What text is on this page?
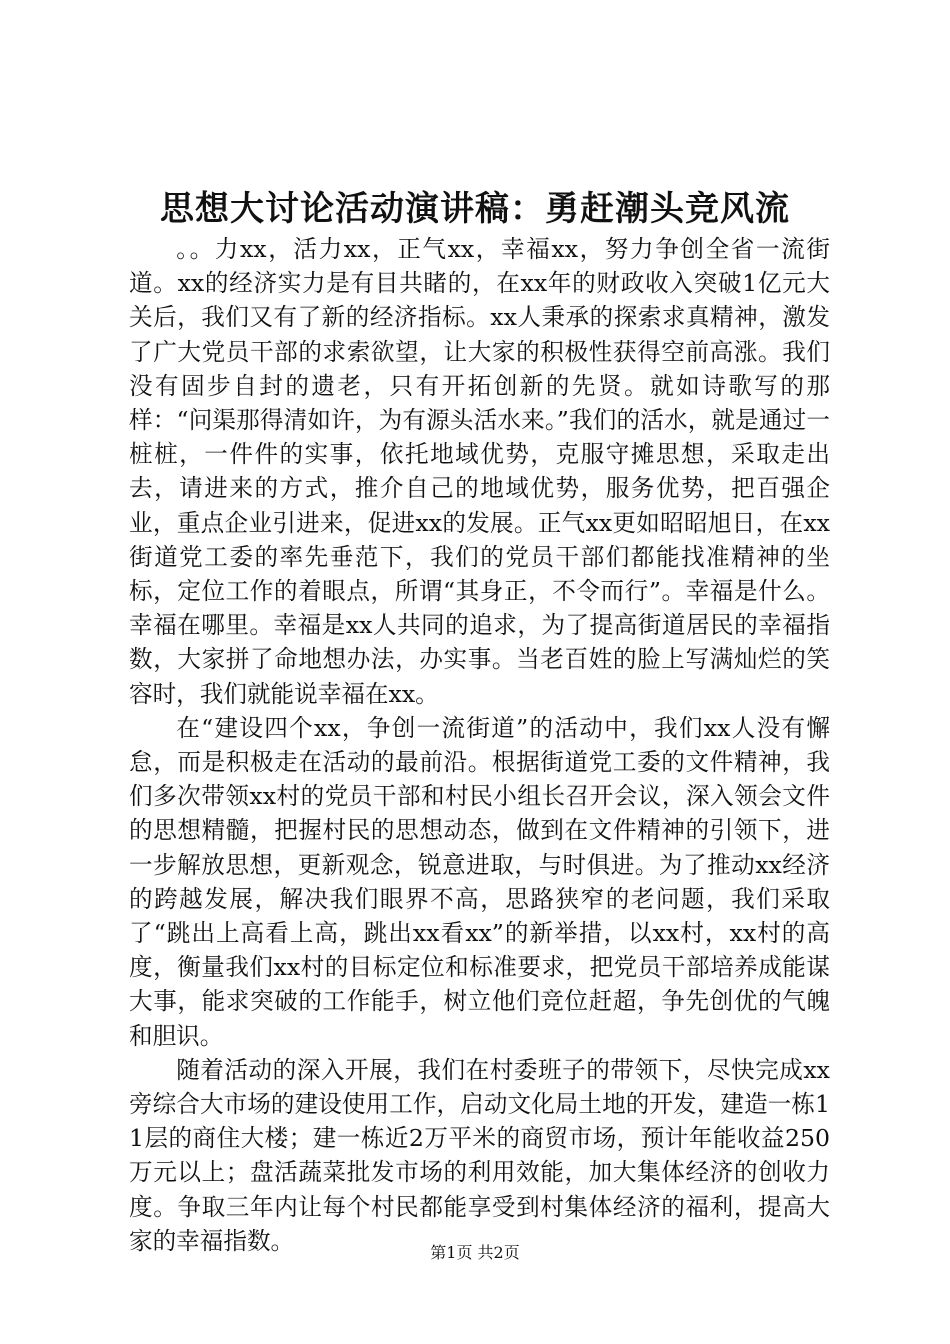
思想大讨论活动演讲稿：勇赶潮头竞风流

。。力xx，活力xx，正气xx，幸福xx，努力争创全省一流街道。xx的经济实力是有目共睹的，在xx年的财政收入突破1亿元大关后，我们又有了新的经济指标。xx人秉承的探索求真精神，激发了广大党员干部的求索欲望，让大家的积极性获得空前高涨。我们没有固步自封的遗老，只有开拓创新的先贤。就如诗歌写的那样：“问渠那得清如许，为有源头活水来。”我们的活水，就是通过一桩桩，一件件的实事，依托地域优势，克服守摊思想，采取走出去，请进来的方式，推介自己的地域优势，服务优势，把百强企业，重点企业引进来，促进xx的发展。正气xx更如昭昭旭日，在xx街道党工委的率先垂范下，我们的党员干部们都能找准精神的坐标，定位工作的着眼点，所谓“其身正，不令而行”。幸福是什么。幸福在哪里。幸福是xx人共同的追求，为了提高街道居民的幸福指数，大家拼了命地想办法，办实事。当老百姓的脸上写满灿烂的笑容时，我们就能说幸福在xx。

在“建设四个xx，争创一流街道”的活动中，我们xx人没有懈怠，而是积极走在活动的最前沿。根据街道党工委的文件精神，我们多次带领xx村的党员干部和村民小组长召开会议，深入领会文件的思想精髓，把握村民的思想动态，做到在文件精神的引领下，进一步解放思想，更新观念，锐意进取，与时俱进。为了推动xx经济的跨越发展，解决我们眼界不高，思路狭窄的老问题，我们采取了“跳出上高看上高，跳出xx看xx”的新举措，以xx村，xx村的高度，衡量我们xx村的目标定位和标准要求，把党员干部培养成能谋大事，能求突破的工作能手，树立他们竞位赶超，争先创优的气魄和胆识。

随着活动的深入开展，我们在村委班子的带领下，尽快完成xx旁综合大市场的建设使用工作，启动文化局土地的开发，建造一栋11层的商住大楼；建一栋近2万平米的商贸市场，预计年能收益250万元以上；盘活蔬菜批发市场的利用效能，加大集体经济的创收力度。争取三年内让每个村民都能享受到村集体经济的福利，提高大家的幸福指数。	第1页 共2页
